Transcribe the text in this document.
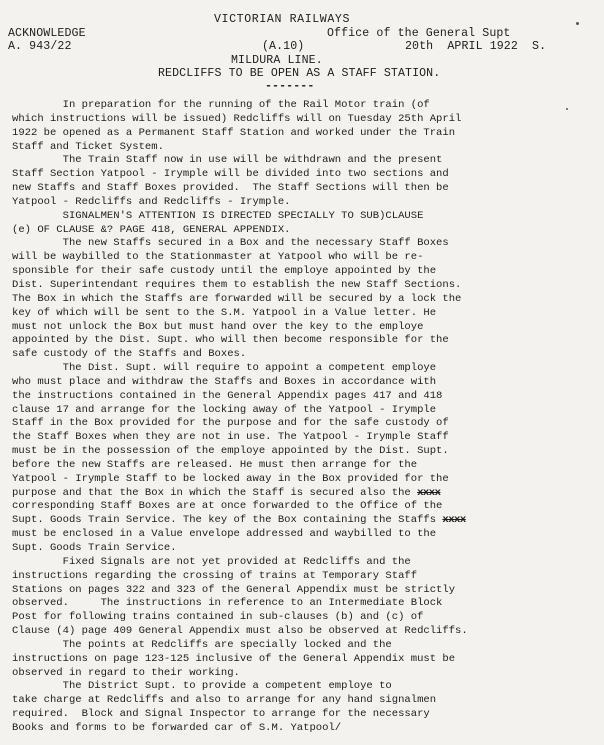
VICTORIAN RAILWAYS
ACKNOWLEDGE	Office of the General Supt
A. 943/22	(A.10)	20th  APRIL 1922  S.
MILDURA LINE.
REDCLIFFS TO BE OPEN AS A STAFF STATION.
-------
In preparation for the running of the Rail Motor train (of
which instructions will be issued) Redcliffs will on Tuesday 25th April
1922 be opened as a Permanent Staff Station and worked under the Train
Staff and Ticket System.
The Train Staff now in use will be withdrawn and the present
Staff Section Yatpool - Irymple will be divided into two sections and
new Staffs and Staff Boxes provided.  The Staff Sections will then be
Yatpool - Redcliffs and Redcliffs - Irymple.
SIGNALMEN'S ATTENTION IS DIRECTED SPECIALLY TO SUB)CLAUSE
(e) OF CLAUSE &? PAGE 418, GENERAL APPENDIX.
The new Staffs secured in a Box and the necessary Staff Boxes
will be waybilled to the Stationmaster at Yatpool who will be re-
sponsible for their safe custody until the employe appointed by the
Dist. Superintendant requires them to establish the new Staff Sections.
The Box in which the Staffs are forwarded will be secured by a lock the
key of which will be sent to the S.M. Yatpool in a Value letter. He
must not unlock the Box but must hand over the key to the employe
appointed by the Dist. Supt. who will then become responsible for the
safe custody of the Staffs and Boxes.
The Dist. Supt. will require to appoint a competent employe
who must place and withdraw the Staffs and Boxes in accordance with
the instructions contained in the General Appendix pages 417 and 418
clause 17 and arrange for the locking away of the Yatpool - Irymple
Staff in the Box provided for the purpose and for the safe custody of
the Staff Boxes when they are not in use. The Yatpool - Irymple Staff
must be in the possession of the employe appointed by the Dist. Supt.
before the new Staffs are released. He must then arrange for the
Yatpool - Irymple Staff to be locked away in the Box provided for the
purpose and that the Box in which the Staff is secured also the xxxx
corresponding Staff Boxes are at once forwarded to the Office of the
Supt. Goods Train Service. The key of the Box containing the Staffs xxxx
must be enclosed in a Value envelope addressed and waybilled to the
Supt. Goods Train Service.
Fixed Signals are not yet provided at Redcliffs and the
instructions regarding the crossing of trains at Temporary Staff
Stations on pages 322 and 323 of the General Appendix must be strictly
observed.     The instructions in reference to an Intermediate Block
Post for following trains contained in sub-clauses (b) and (c) of
Clause (4) page 409 General Appendix must also be observed at Redcliffs.
The points at Redcliffs are specially locked and the
instructions on page 123-125 inclusive of the General Appendix must be
observed in regard to their working.
The District Supt. to provide a competent employe to
take charge at Redcliffs and also to arrange for any hand signalmen
required.  Block and Signal Inspector to arrange for the necessary
Books and forms to be forwarded car of S.M. Yatpool/
